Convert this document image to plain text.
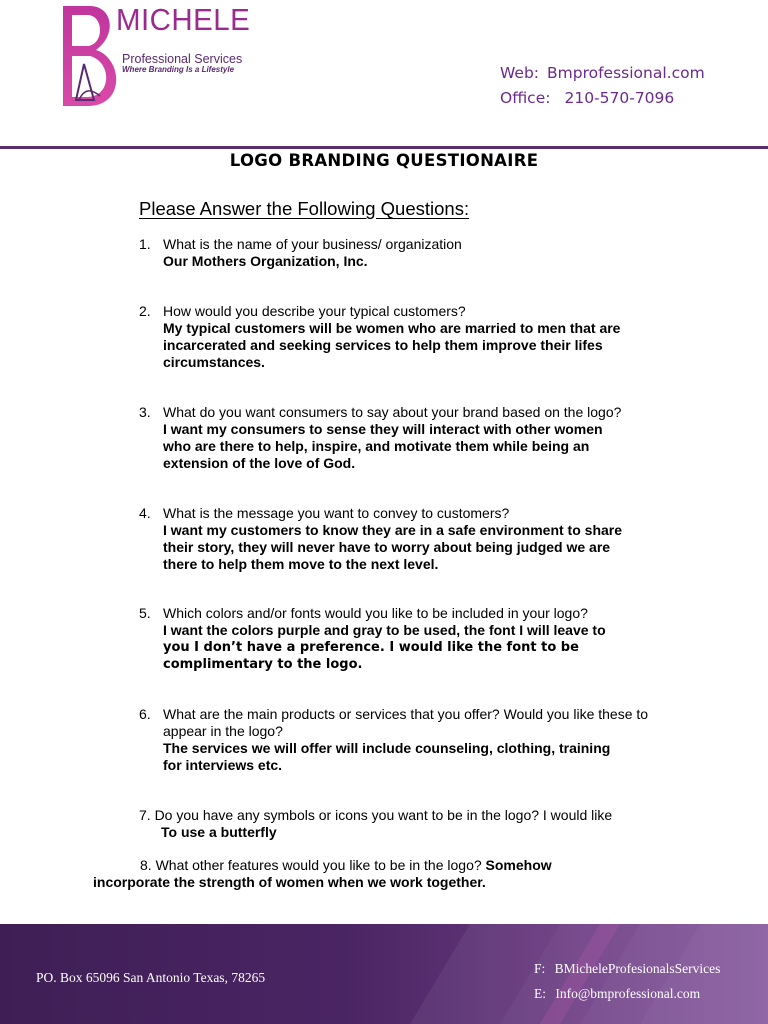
MICHELE
Professional Services
Where Branding Is a Lifestyle	Web: Bmprofessional.com
Office: 210-570-7096
LOGO BRANDING QUESTIONAIRE
Please Answer the Following Questions:
1. What is the name of your business/ organization
Our Mothers Organization, Inc.
2. How would you describe your typical customers?
My typical customers will be women who are married to men that are
incarcerated and seeking services to help them improve their lifes
circumstances.
3. What do you want consumers to say about your brand based on the logo?
I want my consumers to sense they will interact with other women
who are there to help, inspire, and motivate them while being an
extension of the love of God.
4. What is the message you want to convey to customers?
I want my customers to know they are in a safe environment to share
their story, they will never have to worry about being judged we are
there to help them move to the next level.
5. Which colors and/or fonts would you like to be included in your logo?
I want the colors purple and gray to be used, the font I will leave to
you I don’t have a preference. I would like the font to be
complimentary to the logo.
6. What are the main products or services that you offer? Would you like these to appear in the logo?
The services we will offer will include counseling, clothing, training
for interviews etc.
7. Do you have any symbols or icons you want to be in the logo? I would like
To use a butterfly
8. What other features would you like to be in the logo? Somehow
incorporate the strength of women when we work together.
PO. Box 65096 San Antonio Texas, 78265
F: BMicheleProfesionalsServices
E: Info@bmprofessional.com
